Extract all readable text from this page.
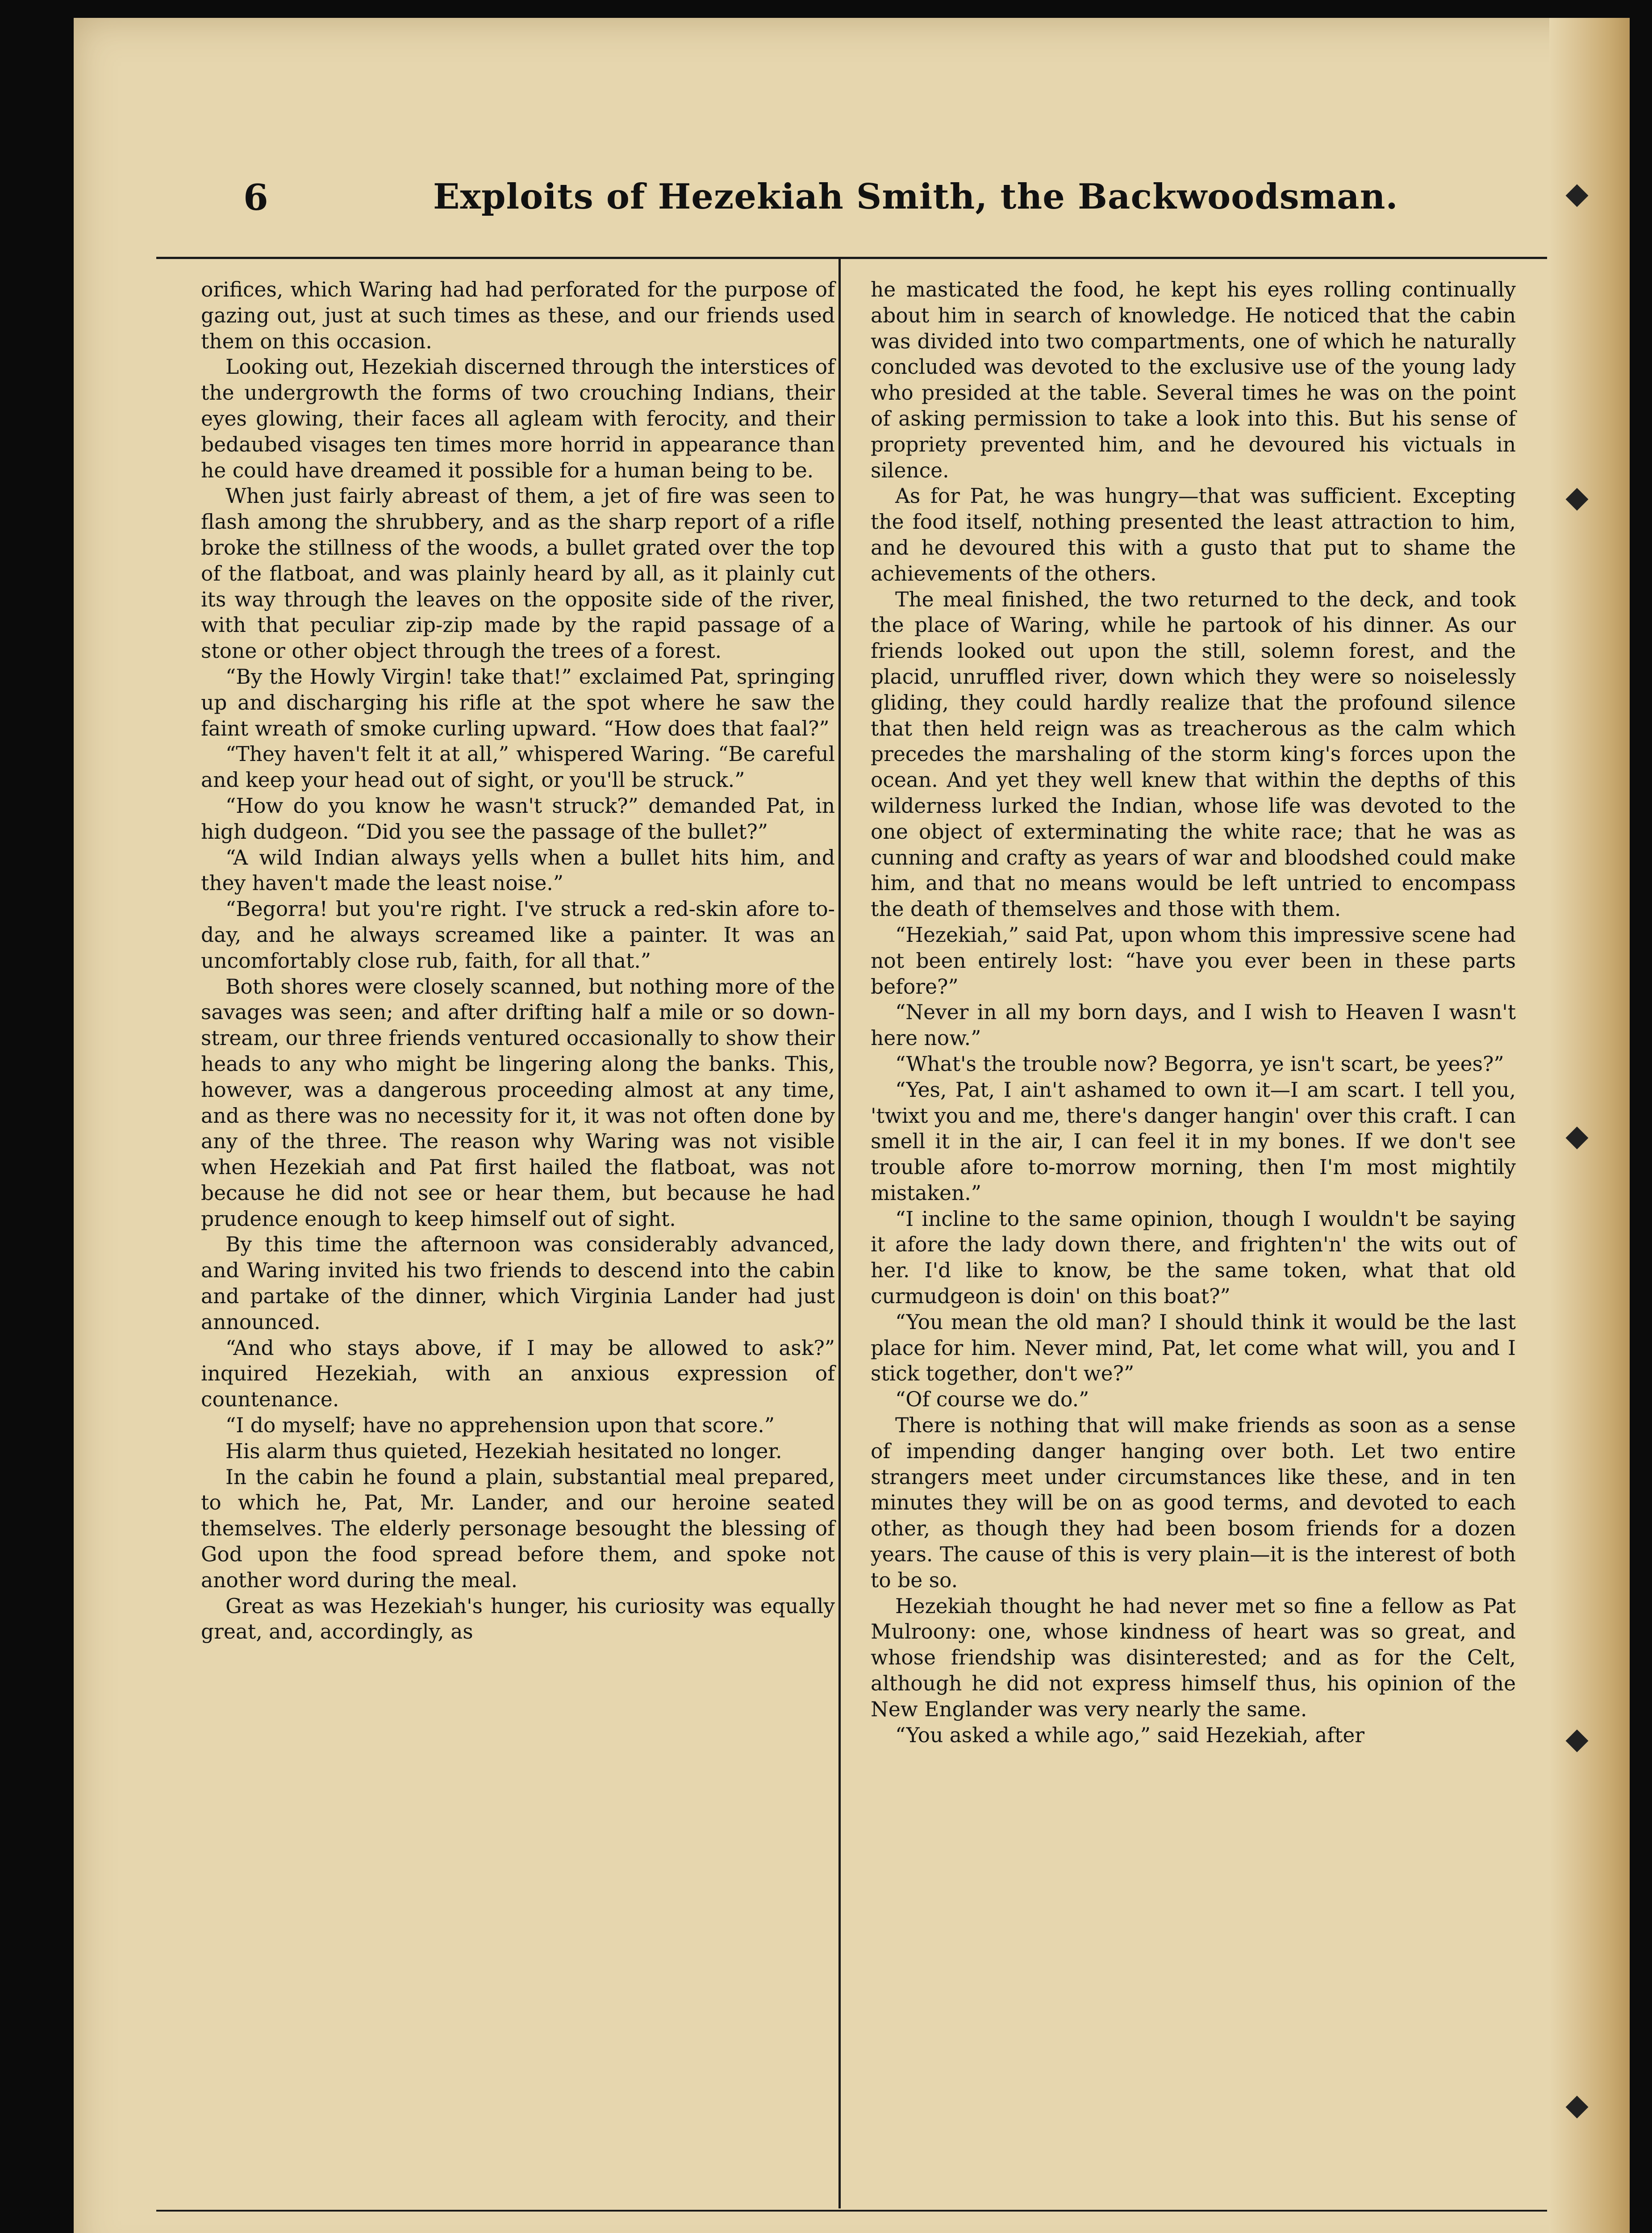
6	Exploits of Hezekiah Smith, the Backwoodsman.

orifices, which Waring had had perforated for the purpose of gazing out, just at such times as these, and our friends used them on this occasion.

Looking out, Hezekiah discerned through the interstices of the undergrowth the forms of two crouching Indians, their eyes glowing, their faces all agleam with ferocity, and their bedaubed visages ten times more horrid in appearance than he could have dreamed it possible for a human being to be.

When just fairly abreast of them, a jet of fire was seen to flash among the shrubbery, and as the sharp report of a rifle broke the stillness of the woods, a bullet grated over the top of the flatboat, and was plainly heard by all, as it plainly cut its way through the leaves on the opposite side of the river, with that peculiar zip-zip made by the rapid passage of a stone or other object through the trees of a forest.

“By the Howly Virgin! take that!” exclaimed Pat, springing up and discharging his rifle at the spot where he saw the faint wreath of smoke curling upward. “How does that faal?”

“They haven't felt it at all,” whispered Waring. “Be careful and keep your head out of sight, or you'll be struck.”

“How do you know he wasn't struck?” demanded Pat, in high dudgeon. “Did you see the passage of the bullet?”

“A wild Indian always yells when a bullet hits him, and they haven't made the least noise.”

“Begorra! but you're right. I've struck a red-skin afore to-day, and he always screamed like a painter. It was an uncomfortably close rub, faith, for all that.”

Both shores were closely scanned, but nothing more of the savages was seen; and after drifting half a mile or so down-stream, our three friends ventured occasionally to show their heads to any who might be lingering along the banks. This, however, was a dangerous proceeding almost at any time, and as there was no necessity for it, it was not often done by any of the three. The reason why Waring was not visible when Hezekiah and Pat first hailed the flatboat, was not because he did not see or hear them, but because he had prudence enough to keep himself out of sight.

By this time the afternoon was considerably advanced, and Waring invited his two friends to descend into the cabin and partake of the dinner, which Virginia Lander had just announced.

“And who stays above, if I may be allowed to ask?” inquired Hezekiah, with an anxious expression of countenance.

“I do myself; have no apprehension upon that score.”

His alarm thus quieted, Hezekiah hesitated no longer.

In the cabin he found a plain, substantial meal prepared, to which he, Pat, Mr. Lander, and our heroine seated themselves. The elderly personage besought the blessing of God upon the food spread before them, and spoke not another word during the meal.

Great as was Hezekiah's hunger, his curiosity was equally great, and, accordingly, as

he masticated the food, he kept his eyes rolling continually about him in search of knowledge. He noticed that the cabin was divided into two compartments, one of which he naturally concluded was devoted to the exclusive use of the young lady who presided at the table. Several times he was on the point of asking permission to take a look into this. But his sense of propriety prevented him, and he devoured his victuals in silence.

As for Pat, he was hungry—that was sufficient. Excepting the food itself, nothing presented the least attraction to him, and he devoured this with a gusto that put to shame the achievements of the others.

The meal finished, the two returned to the deck, and took the place of Waring, while he partook of his dinner. As our friends looked out upon the still, solemn forest, and the placid, unruffled river, down which they were so noiselessly gliding, they could hardly realize that the profound silence that then held reign was as treacherous as the calm which precedes the marshaling of the storm king's forces upon the ocean. And yet they well knew that within the depths of this wilderness lurked the Indian, whose life was devoted to the one object of exterminating the white race; that he was as cunning and crafty as years of war and bloodshed could make him, and that no means would be left untried to encompass the death of themselves and those with them.

“Hezekiah,” said Pat, upon whom this impressive scene had not been entirely lost: “have you ever been in these parts before?”

“Never in all my born days, and I wish to Heaven I wasn't here now.”

“What's the trouble now? Begorra, ye isn't scart, be yees?”

“Yes, Pat, I ain't ashamed to own it—I am scart. I tell you, 'twixt you and me, there's danger hangin' over this craft. I can smell it in the air, I can feel it in my bones. If we don't see trouble afore to-morrow morning, then I'm most mightily mistaken.”

“I incline to the same opinion, though I wouldn't be saying it afore the lady down there, and frighten'n' the wits out of her. I'd like to know, be the same token, what that old curmudgeon is doin' on this boat?”

“You mean the old man? I should think it would be the last place for him. Never mind, Pat, let come what will, you and I stick together, don't we?”

“Of course we do.”

There is nothing that will make friends as soon as a sense of impending danger hanging over both. Let two entire strangers meet under circumstances like these, and in ten minutes they will be on as good terms, and devoted to each other, as though they had been bosom friends for a dozen years. The cause of this is very plain—it is the interest of both to be so.

Hezekiah thought he had never met so fine a fellow as Pat Mulroony: one, whose kindness of heart was so great, and whose friendship was disinterested; and as for the Celt, although he did not express himself thus, his opinion of the New Englander was very nearly the same.

“You asked a while ago,” said Hezekiah, after
